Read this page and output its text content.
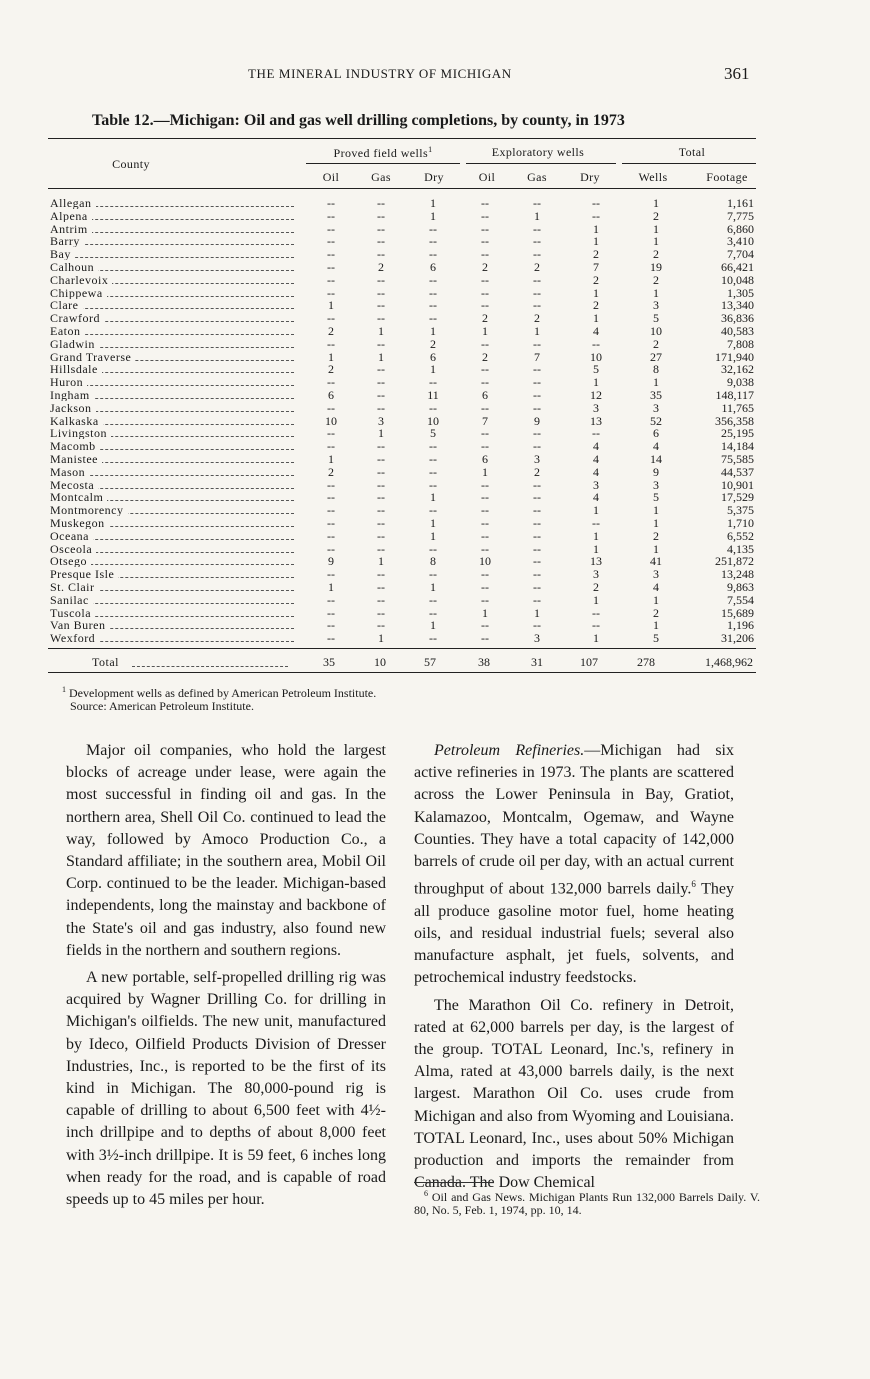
THE MINERAL INDUSTRY OF MICHIGAN	361
Table 12.—Michigan: Oil and gas well drilling completions, by county, in 1973
County
Proved field wells$^1$	Exploratory wells	Total
Oil	Gas	Dry	Oil	Gas	Dry	Wells	Footage
Allegan	--	--	1	--	--	--	1	1,161
Alpena	--	--	1	--	1	--	2	7,775
Antrim	--	--	--	--	--	1	1	6,860
Barry	--	--	--	--	--	1	1	3,410
Bay	--	--	--	--	--	2	2	7,704
Calhoun	--	2	6	2	2	7	19	66,421
Charlevoix	--	--	--	--	--	2	2	10,048
Chippewa	--	--	--	--	--	1	1	1,305
Clare	1	--	--	--	--	2	3	13,340
Crawford	--	--	--	2	2	1	5	36,836
Eaton	2	1	1	1	1	4	10	40,583
Gladwin	--	--	2	--	--	--	2	7,808
Grand Traverse	1	1	6	2	7	10	27	171,940
Hillsdale	2	--	1	--	--	5	8	32,162
Huron	--	--	--	--	--	1	1	9,038
Ingham	6	--	11	6	--	12	35	148,117
Jackson	--	--	--	--	--	3	3	11,765
Kalkaska	10	3	10	7	9	13	52	356,358
Livingston	--	1	5	--	--	--	6	25,195
Macomb	--	--	--	--	--	4	4	14,184
Manistee	1	--	--	6	3	4	14	75,585
Mason	2	--	--	1	2	4	9	44,537
Mecosta	--	--	--	--	--	3	3	10,901
Montcalm	--	--	1	--	--	4	5	17,529
Montmorency	--	--	--	--	--	1	1	5,375
Muskegon	--	--	1	--	--	--	1	1,710
Oceana	--	--	1	--	--	1	2	6,552
Osceola	--	--	--	--	--	1	1	4,135
Otsego	9	1	8	10	--	13	41	251,872
Presque Isle	--	--	--	--	--	3	3	13,248
St. Clair	1	--	1	--	--	2	4	9,863
Sanilac	--	--	--	--	--	1	1	7,554
Tuscola	--	--	--	1	1	--	2	15,689
Van Buren	--	--	1	--	--	--	1	1,196
Wexford	--	1	--	--	3	1	5	31,206
Total	35	10	57	38	31	107	278	1,468,962
$^1$ Development wells as defined by American Petroleum Institute.
Source: American Petroleum Institute.

Major oil companies, who hold the largest blocks of acreage under lease, were again the most successful in finding oil and gas. In the northern area, Shell Oil Co. continued to lead the way, followed by Amoco Production Co., a Standard affiliate; in the southern area, Mobil Oil Corp. continued to be the leader. Michigan-based independents, long the mainstay and backbone of the State's oil and gas industry, also found new fields in the northern and southern regions.

A new portable, self-propelled drilling rig was acquired by Wagner Drilling Co. for drilling in Michigan's oilfields. The new unit, manufactured by Ideco, Oilfield Products Division of Dresser Industries, Inc., is reported to be the first of its kind in Michigan. The 80,000-pound rig is capable of drilling to about 6,500 feet with 4½-inch drillpipe and to depths of about 8,000 feet with 3½-inch drillpipe. It is 59 feet, 6 inches long when ready for the road, and is capable of road speeds up to 45 miles per hour.

Petroleum Refineries.—Michigan had six active refineries in 1973. The plants are scattered across the Lower Peninsula in Bay, Gratiot, Kalamazoo, Montcalm, Ogemaw, and Wayne Counties. They have a total capacity of 142,000 barrels of crude oil per day, with an actual current throughput of about 132,000 barrels daily.$^6$ They all produce gasoline motor fuel, home heating oils, and residual industrial fuels; several also manufacture asphalt, jet fuels, solvents, and petrochemical industry feedstocks.

The Marathon Oil Co. refinery in Detroit, rated at 62,000 barrels per day, is the largest of the group. TOTAL Leonard, Inc.'s, refinery in Alma, rated at 43,000 barrels daily, is the next largest. Marathon Oil Co. uses crude from Michigan and also from Wyoming and Louisiana. TOTAL Leonard, Inc., uses about 50% Michigan production and imports the remainder from Canada. The Dow Chemical

$^6$ Oil and Gas News. Michigan Plants Run 132,000 Barrels Daily. V. 80, No. 5, Feb. 1, 1974, pp. 10, 14.
